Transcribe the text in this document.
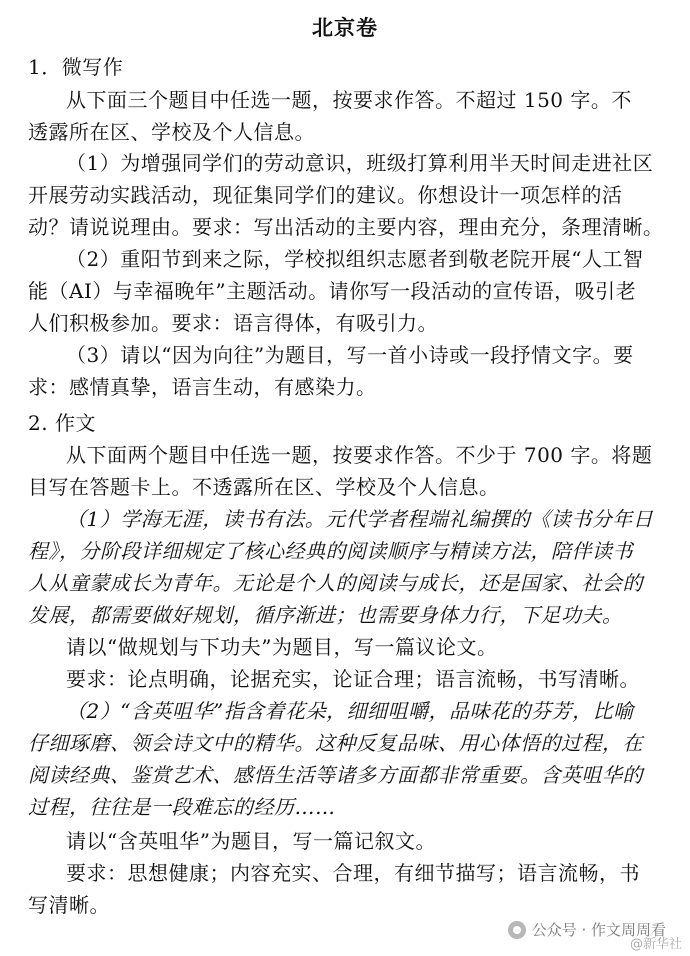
北京卷
1．微写作
从下面三个题目中任选一题，按要求作答。不超过 150 字。不
透露所在区、学校及个人信息。
（1）为增强同学们的劳动意识，班级打算利用半天时间走进社区
开展劳动实践活动，现征集同学们的建议。你想设计一项怎样的活
动？请说说理由。要求：写出活动的主要内容，理由充分，条理清晰。
（2）重阳节到来之际，学校拟组织志愿者到敬老院开展“人工智
能（AI）与幸福晚年”主题活动。请你写一段活动的宣传语，吸引老
人们积极参加。要求：语言得体，有吸引力。
（3）请以“因为向往”为题目，写一首小诗或一段抒情文字。要
求：感情真挚，语言生动，有感染力。
2. 作文
从下面两个题目中任选一题，按要求作答。不少于 700 字。将题
目写在答题卡上。不透露所在区、学校及个人信息。
（1）学海无涯，读书有法。元代学者程端礼编撰的《读书分年日
程》，分阶段详细规定了核心经典的阅读顺序与精读方法，陪伴读书
人从童蒙成长为青年。无论是个人的阅读与成长，还是国家、社会的
发展，都需要做好规划，循序渐进；也需要身体力行，下足功夫。
请以“做规划与下功夫”为题目，写一篇议论文。
要求：论点明确，论据充实，论证合理；语言流畅，书写清晰。
（2）“含英咀华”指含着花朵，细细咀嚼，品味花的芬芳，比喻
仔细琢磨、领会诗文中的精华。这种反复品味、用心体悟的过程，在
阅读经典、鉴赏艺术、感悟生活等诸多方面都非常重要。含英咀华的
过程，往往是一段难忘的经历……
请以“含英咀华”为题目，写一篇记叙文。
要求：思想健康；内容充实、合理，有细节描写；语言流畅，书
写清晰。
公众号 · 作文周周看
@新华社
